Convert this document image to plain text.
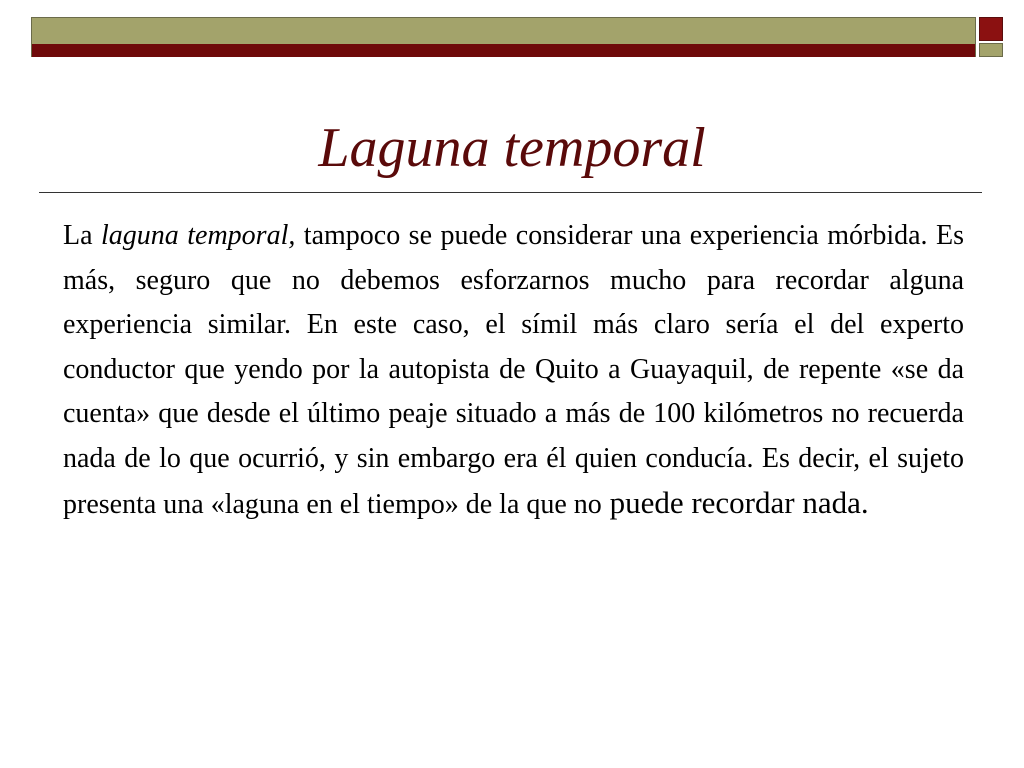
Laguna temporal

La laguna temporal, tampoco se puede considerar una experiencia mórbida. Es más, seguro que no debemos esforzarnos mucho para recordar alguna experiencia similar. En este caso, el símil más claro sería el del experto conductor que yendo por la autopista de Quito a Guayaquil, de repente «se da cuenta» que desde el último peaje situado a más de 100 kilómetros no recuerda nada de lo que ocurrió, y sin embargo era él quien conducía. Es decir, el sujeto presenta una «laguna en el tiempo» de la que no puede recordar nada.
